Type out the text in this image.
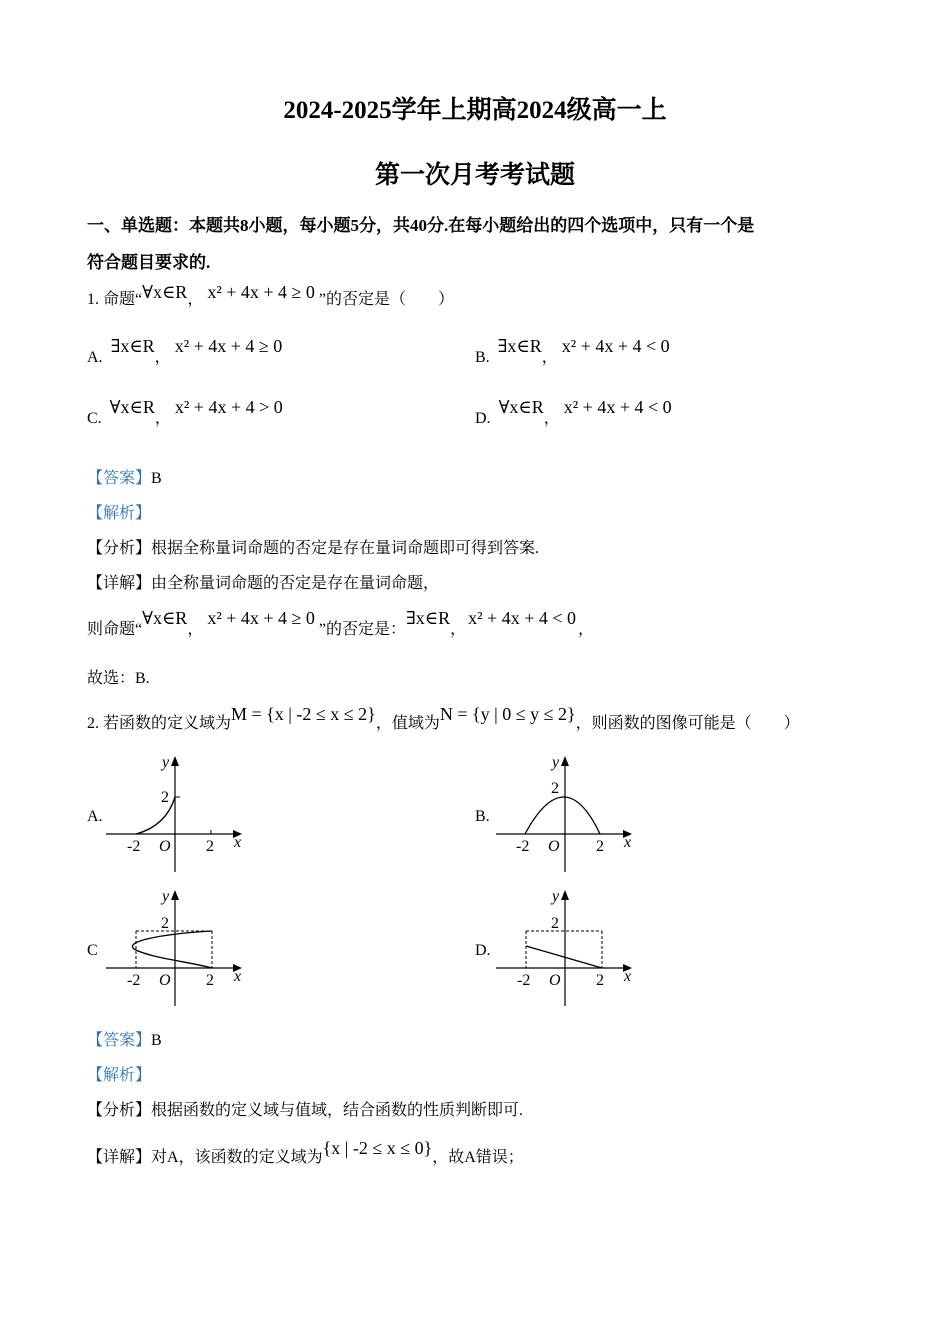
2024-2025学年上期高2024级高一上
第一次月考考试题
一、单选题：本题共8小题，每小题5分，共40分.在每小题给出的四个选项中，只有一个是
符合题目要求的.
1. 命题“∀x∈R， x² + 4x + 4 ≥ 0 ”的否定是（　　）
A. ∃x∈R， x² + 4x + 4 ≥ 0
B. ∃x∈R， x² + 4x + 4 < 0
C. ∀x∈R， x² + 4x + 4 > 0
D. ∀x∈R， x² + 4x + 4 < 0
【答案】B
【解析】
【分析】根据全称量词命题的否定是存在量词命题即可得到答案.
【详解】由全称量词命题的否定是存在量词命题，
则命题“∀x∈R，x² + 4x + 4 ≥ 0”的否定是：∃x∈R，x² + 4x + 4 < 0，
故选：B.
2. 若函数的定义域为M = {x | -2 ≤ x ≤ 2}，值域为N = {y | 0 ≤ y ≤ 2}，则函数的图像可能是（　　）
A.	B.
C	D.
y
x
2
-2 O 2
y
x
2
-2 O 2
y
x
2
-2 O 2
y
x
2
-2 O 2
【答案】B
【解析】
【分析】根据函数的定义域与值域，结合函数的性质判断即可.
【详解】对A，该函数的定义域为{x | -2 ≤ x ≤ 0}，故A错误；
